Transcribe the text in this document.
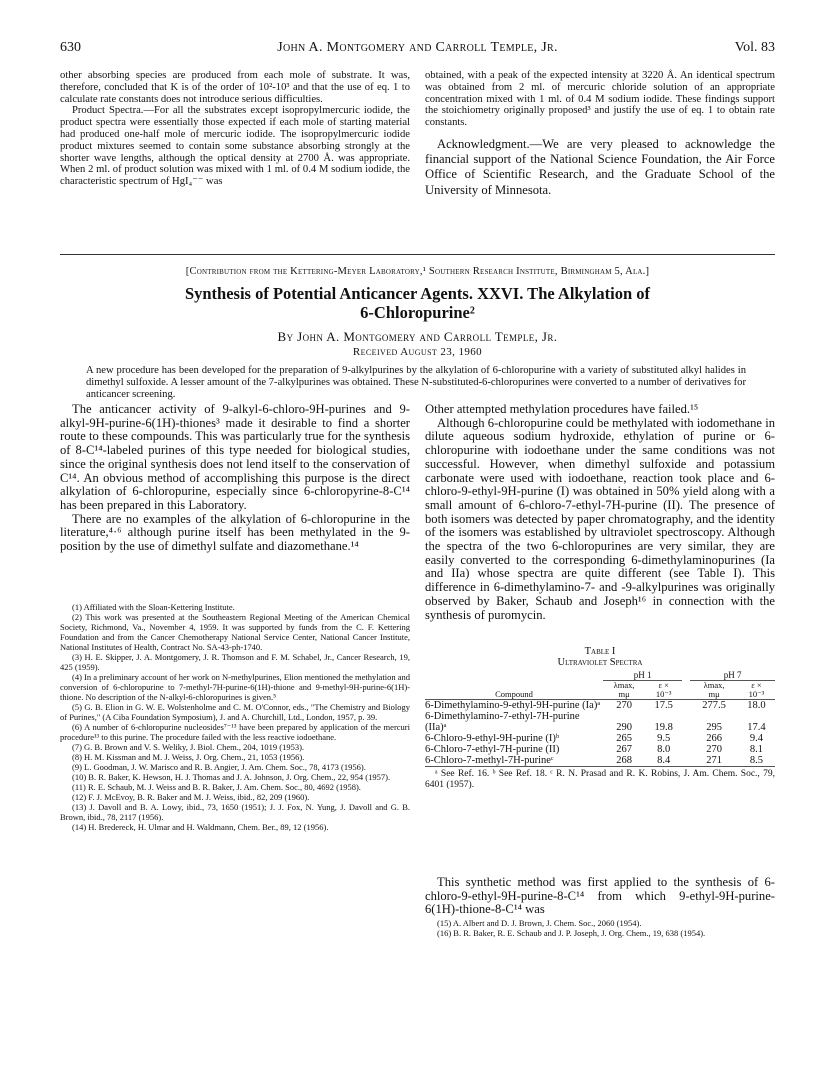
630	John A. Montgomery and Carroll Temple, Jr.	Vol. 83

other absorbing species are produced from each mole of substrate. It was, therefore, concluded that K is of the order of 10²-10³ and that the use of eq. 1 to calculate rate constants does not introduce serious difficulties.

Product Spectra.—For all the substrates except isopropylmercuric iodide, the product spectra were essentially those expected if each mole of starting material had produced one-half mole of mercuric iodide. The isopropylmercuric iodide product mixtures seemed to contain some substance absorbing strongly at the shorter wave lengths, although the optical density at 2700 Å. was appropriate. When 2 ml. of product solution was mixed with 1 ml. of 0.4 M sodium iodide, the characteristic spectrum of HgI₄⁻⁻ was

obtained, with a peak of the expected intensity at 3220 Å. An identical spectrum was obtained from 2 ml. of mercuric chloride solution of an appropriate concentration mixed with 1 ml. of 0.4 M sodium iodide. These findings support the stoichiometry originally proposed³ and justify the use of eq. 1 to obtain rate constants.

Acknowledgment.—We are very pleased to acknowledge the financial support of the National Science Foundation, the Air Force Office of Scientific Research, and the Graduate School of the University of Minnesota.

[Contribution from the Kettering-Meyer Laboratory,¹ Southern Research Institute, Birmingham 5, Ala.]
Synthesis of Potential Anticancer Agents. XXVI. The Alkylation of
6-Chloropurine²
By John A. Montgomery and Carroll Temple, Jr.
Received August 23, 1960
A new procedure has been developed for the preparation of 9-alkylpurines by the alkylation of 6-chloropurine with a variety of substituted alkyl halides in dimethyl sulfoxide. A lesser amount of the 7-alkylpurines was obtained. These N-substituted-6-chloropurines were converted to a number of derivatives for anticancer screening.

The anticancer activity of 9-alkyl-6-chloro-9H-purines and 9-alkyl-9H-purine-6(1H)-thiones³ made it desirable to find a shorter route to these compounds. This was particularly true for the synthesis of 8-C¹⁴-labeled purines of this type needed for biological studies, since the original synthesis does not lend itself to the conservation of C¹⁴. An obvious method of accomplishing this purpose is the direct alkylation of 6-chloropurine, especially since 6-chloropyrine-8-C¹⁴ has been prepared in this Laboratory.

There are no examples of the alkylation of 6-chloropurine in the literature,⁴·⁶ although purine itself has been methylated in the 9-position by the use of dimethyl sulfate and diazomethane.¹⁴

(1) Affiliated with the Sloan-Kettering Institute.

(2) This work was presented at the Southeastern Regional Meeting of the American Chemical Society, Richmond, Va., November 4, 1959. It was supported by funds from the C. F. Kettering Foundation and from the Cancer Chemotherapy National Service Center, National Cancer Institute, National Institutes of Health, Contract No. SA-43-ph-1740.

(3) H. E. Skipper, J. A. Montgomery, J. R. Thomson and F. M. Schabel, Jr., Cancer Research, 19, 425 (1959).

(4) In a preliminary account of her work on N-methylpurines, Elion mentioned the methylation and conversion of 6-chloropurine to 7-methyl-7H-purine-6(1H)-thione and 9-methyl-9H-purine-6(1H)-thione. No description of the N-alkyl-6-chloropurines is given.⁵

(5) G. B. Elion in G. W. E. Wolstenholme and C. M. O'Connor, eds., "The Chemistry and Biology of Purines," (A Ciba Foundation Symposium), J. and A. Churchill, Ltd., London, 1957, p. 39.

(6) A number of 6-chloropurine nucleosides⁷⁻¹³ have been prepared by application of the mercuri procedure¹³ to this purine. The procedure failed with the less reactive iodoethane.

(7) G. B. Brown and V. S. Weliky, J. Biol. Chem., 204, 1019 (1953).

(8) H. M. Kissman and M. J. Weiss, J. Org. Chem., 21, 1053 (1956).

(9) L. Goodman, J. W. Marisco and R. B. Angier, J. Am. Chem. Soc., 78, 4173 (1956).

(10) B. R. Baker, K. Hewson, H. J. Thomas and J. A. Johnson, J. Org. Chem., 22, 954 (1957).

(11) R. E. Schaub, M. J. Weiss and B. R. Baker, J. Am. Chem. Soc., 80, 4692 (1958).

(12) F. J. McEvoy, B. R. Baker and M. J. Weiss, ibid., 82, 209 (1960).

(13) J. Davoll and B. A. Lowy, ibid., 73, 1650 (1951); J. J. Fox, N. Yung, J. Davoll and G. B. Brown, ibid., 78, 2117 (1956).

(14) H. Bredereck, H. Ulmar and H. Waldmann, Chem. Ber., 89, 12 (1956).

Other attempted methylation procedures have failed.¹⁵

Although 6-chloropurine could be methylated with iodomethane in dilute aqueous sodium hydroxide, ethylation of purine or 6-chloropurine with iodoethane under the same conditions was not successful. However, when dimethyl sulfoxide and potassium carbonate were used with iodoethane, reaction took place and 6-chloro-9-ethyl-9H-purine (I) was obtained in 50% yield along with a small amount of 6-chloro-7-ethyl-7H-purine (II). The presence of both isomers was detected by paper chromatography, and the identity of the isomers was established by ultraviolet spectroscopy. Although the spectra of the two 6-chloropurines are very similar, they are easily converted to the corresponding 6-dimethylaminopurines (Ia and IIa) whose spectra are quite different (see Table I). This difference in 6-dimethylamino-7- and -9-alkylpurines was originally observed by Baker, Schaub and Joseph¹⁶ in connection with the synthesis of puromycin.

Table I
Ultraviolet Spectra
	pH 1			pH 7	
	λmax,	ε ×		λmax,	ε ×
Compound	mμ	10⁻³		mμ	10⁻³
6-Dimethylamino-9-ethyl-9H-purine (Ia)ᵃ	270	17.5		277.5	18.0
6-Dimethylamino-7-ethyl-7H-purine (IIa)ᵃ	290	19.8		295	17.4
6-Chloro-9-ethyl-9H-purine (I)ᵇ	265	9.5		266	9.4
6-Chloro-7-ethyl-7H-purine (II)	267	8.0		270	8.1
6-Chloro-7-methyl-7H-purineᶜ	268	8.4		271	8.5
ᵃ See Ref. 16. ᵇ See Ref. 18. ᶜ R. N. Prasad and R. K. Robins, J. Am. Chem. Soc., 79, 6401 (1957).

This synthetic method was first applied to the synthesis of 6-chloro-9-ethyl-9H-purine-8-C¹⁴ from which 9-ethyl-9H-purine-6(1H)-thione-8-C¹⁴ was

(15) A. Albert and D. J. Brown, J. Chem. Soc., 2060 (1954).

(16) B. R. Baker, R. E. Schaub and J. P. Joseph, J. Org. Chem., 19, 638 (1954).
